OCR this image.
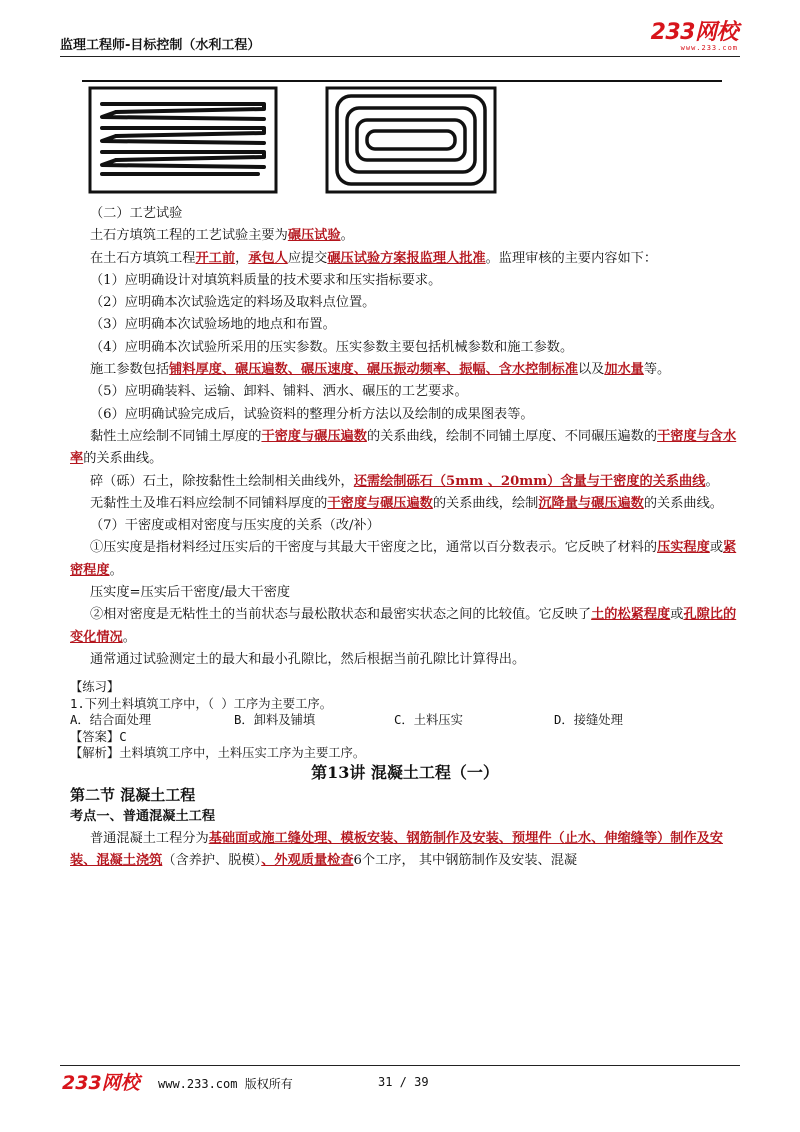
监理工程师-目标控制（水利工程）
233网校
www.233.com

（二）工艺试验

土石方填筑工程的工艺试验主要为碾压试验。

在土石方填筑工程开工前，承包人应提交碾压试验方案报监理人批准。监理审核的主要内容如下：

（1）应明确设计对填筑料质量的技术要求和压实指标要求。

（2）应明确本次试验选定的料场及取料点位置。

（3）应明确本次试验场地的地点和布置。

（4）应明确本次试验所采用的压实参数。压实参数主要包括机械参数和施工参数。

施工参数包括铺料厚度、碾压遍数、碾压速度、碾压振动频率、振幅、含水控制标准以及加水量等。

（5）应明确装料、运输、卸料、铺料、洒水、碾压的工艺要求。

（6）应明确试验完成后，试验资料的整理分析方法以及绘制的成果图表等。

黏性土应绘制不同铺土厚度的干密度与碾压遍数的关系曲线，绘制不同铺土厚度、不同碾压遍数的干密度与含水率的关系曲线。

碎（砾）石土，除按黏性土绘制相关曲线外，还需绘制砾石（5mm 、20mm）含量与干密度的关系曲线。

无黏性土及堆石料应绘制不同铺料厚度的干密度与碾压遍数的关系曲线，绘制沉降量与碾压遍数的关系曲线。

（7）干密度或相对密度与压实度的关系（改/补）

①压实度是指材料经过压实后的干密度与其最大干密度之比，通常以百分数表示。它反映了材料的压实程度或紧密程度。

压实度=压实后干密度/最大干密度

②相对密度是无粘性土的当前状态与最松散状态和最密实状态之间的比较值。它反映了土的松紧程度或孔隙比的变化情况。

通常通过试验测定土的最大和最小孔隙比，然后根据当前孔隙比计算得出。

【练习】

1.下列土料填筑工序中，（ ）工序为主要工序。

A．结合面处理	B．卸料及铺填	C．土料压实	D．接缝处理

【答案】C

【解析】土料填筑工序中，土料压实工序为主要工序。

第13讲 混凝土工程（一）

第二节 混凝土工程

考点一、普通混凝土工程

普通混凝土工程分为基础面或施工缝处理、模板安装、钢筋制作及安装、预埋件（止水、伸缩缝等）制作及安装、混凝土浇筑（含养护、脱模）、外观质量检查6个工序， 其中钢筋制作及安装、混凝

233网校 www.233.com 版权所有	31 / 39
